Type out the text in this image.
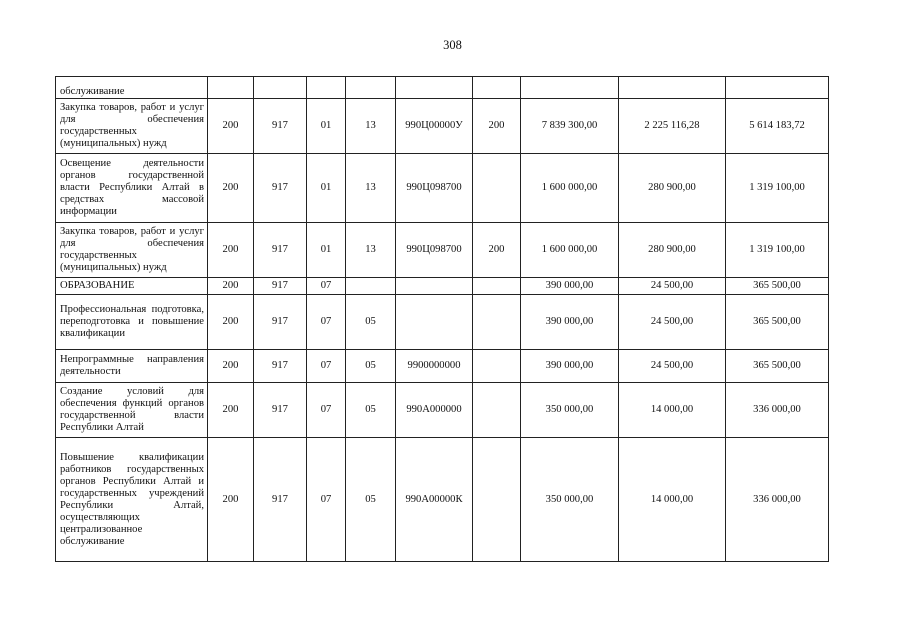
308
обслуживание									
Закупка товаров, работ и услуг для обеспечения государственных (муниципальных) нужд	200	917	01	13	990Ц00000У	200	7 839 300,00	2 225 116,28	5 614 183,72
Освещение деятельности органов государственной власти Республики Алтай в средствах массовой информации	200	917	01	13	990Ц098700		1 600 000,00	280 900,00	1 319 100,00
Закупка товаров, работ и услуг для обеспечения государственных (муниципальных) нужд	200	917	01	13	990Ц098700	200	1 600 000,00	280 900,00	1 319 100,00
ОБРАЗОВАНИЕ	200	917	07				390 000,00	24 500,00	365 500,00
Профессиональная подготовка, переподготовка и повышение квалификации	200	917	07	05			390 000,00	24 500,00	365 500,00
Непрограммные направления деятельности	200	917	07	05	9900000000		390 000,00	24 500,00	365 500,00
Создание условий для обеспечения функций органов государственной власти Республики Алтай	200	917	07	05	990А000000		350 000,00	14 000,00	336 000,00
Повышение квалификации работников государственных органов Республики Алтай и государственных учреждений Республики Алтай, осуществляющих централизованное обслуживание	200	917	07	05	990А00000К		350 000,00	14 000,00	336 000,00
